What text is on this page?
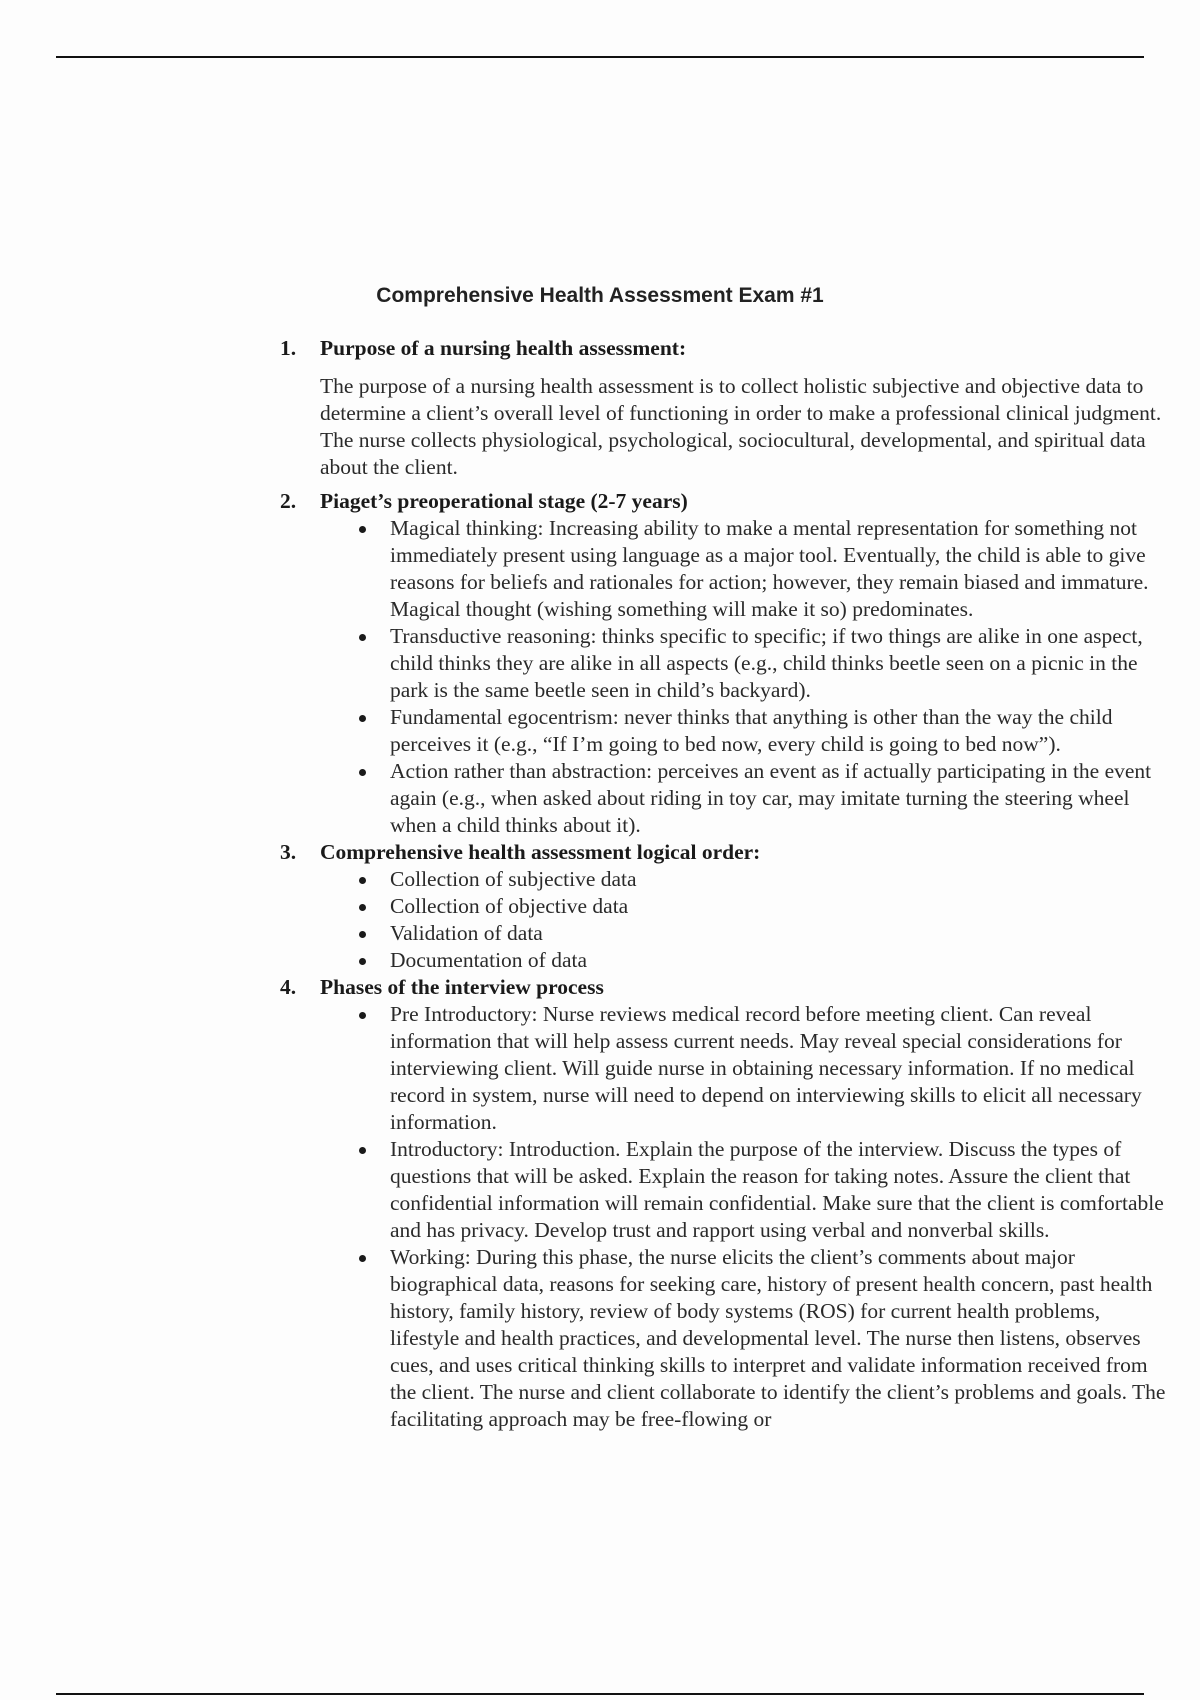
Comprehensive Health Assessment Exam #1
1. Purpose of a nursing health assessment:

The purpose of a nursing health assessment is to collect holistic subjective and objective data to determine a client’s overall level of functioning in order to make a professional clinical judgment. The nurse collects physiological, psychological, sociocultural, developmental, and spiritual data about the client.

2. Piaget’s preoperational stage (2-7 years)
Magical thinking: Increasing ability to make a mental representation for something not immediately present using language as a major tool. Eventually, the child is able to give reasons for beliefs and rationales for action; however, they remain biased and immature. Magical thought (wishing something will make it so) predominates.
Transductive reasoning: thinks specific to specific; if two things are alike in one aspect, child thinks they are alike in all aspects (e.g., child thinks beetle seen on a picnic in the park is the same beetle seen in child’s backyard).
Fundamental egocentrism: never thinks that anything is other than the way the child perceives it (e.g., “If I’m going to bed now, every child is going to bed now”).
Action rather than abstraction: perceives an event as if actually participating in the event again (e.g., when asked about riding in toy car, may imitate turning the steering wheel when a child thinks about it).
3. Comprehensive health assessment logical order:
Collection of subjective data
Collection of objective data
Validation of data
Documentation of data
4. Phases of the interview process
Pre Introductory: Nurse reviews medical record before meeting client. Can reveal information that will help assess current needs. May reveal special considerations for interviewing client. Will guide nurse in obtaining necessary information. If no medical record in system, nurse will need to depend on interviewing skills to elicit all necessary information.
Introductory: Introduction. Explain the purpose of the interview. Discuss the types of questions that will be asked. Explain the reason for taking notes. Assure the client that confidential information will remain confidential. Make sure that the client is comfortable and has privacy. Develop trust and rapport using verbal and nonverbal skills.
Working: During this phase, the nurse elicits the client’s comments about major biographical data, reasons for seeking care, history of present health concern, past health history, family history, review of body systems (ROS) for current health problems, lifestyle and health practices, and developmental level. The nurse then listens, observes cues, and uses critical thinking skills to interpret and validate information received from the client. The nurse and client collaborate to identify the client’s problems and goals. The facilitating approach may be free-flowing or
